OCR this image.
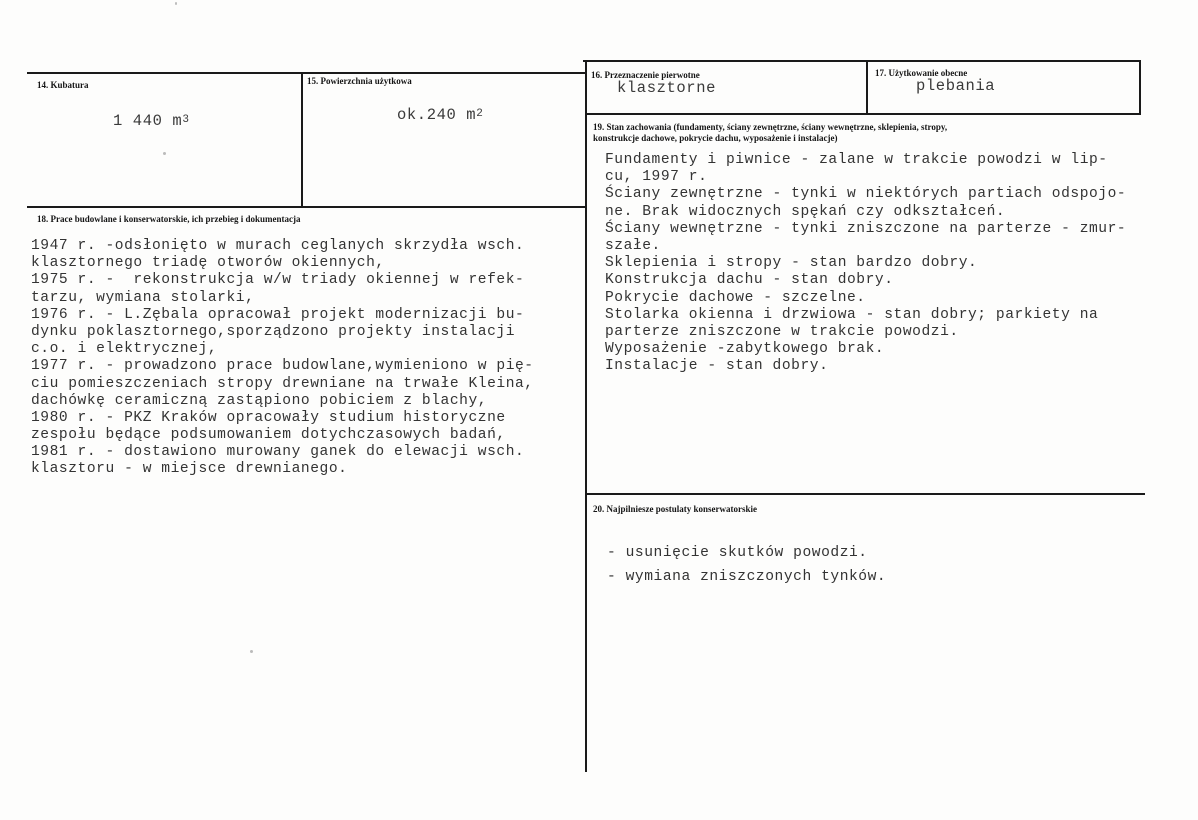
14. Kubatura
1 440 $m^3$
15. Powierzchnia użytkowa
ok.240 $m^2$
16. Przeznaczenie pierwotne
klasztorne
17. Użytkowanie obecne
plebania
19. Stan zachowania (fundamenty, ściany zewnętrzne, ściany wewnętrzne, sklepienia, stropy,
konstrukcje dachowe, pokrycie dachu, wyposażenie i instalacje)
Fundamenty i piwnice - zalane w trakcie powodzi w lip-
cu, 1997 r.
Ściany zewnętrzne - tynki w niektórych partiach odspojo-
ne. Brak widocznych spękań czy odkształceń.
Ściany wewnętrzne - tynki zniszczone na parterze - zmur-
szałe.
Sklepienia i stropy - stan bardzo dobry.
Konstrukcja dachu - stan dobry.
Pokrycie dachowe - szczelne.
Stolarka okienna i drzwiowa - stan dobry; parkiety na
parterze zniszczone w trakcie powodzi.
Wyposażenie -zabytkowego brak.
Instalacje - stan dobry.
18. Prace budowlane i konserwatorskie, ich przebieg i dokumentacja
1947 r. -odsłonięto w murach ceglanych skrzydła wsch.
klasztornego triadę otworów okiennych,
1975 r. -  rekonstrukcja w/w triady okiennej w refek-
tarzu, wymiana stolarki,
1976 r. - L.Zębala opracował projekt modernizacji bu-
dynku poklasztornego,sporządzono projekty instalacji
c.o. i elektrycznej,
1977 r. - prowadzono prace budowlane,wymieniono w pię-
ciu pomieszczeniach stropy drewniane na trwałe Kleina,
dachówkę ceramiczną zastąpiono pobiciem z blachy,
1980 r. - PKZ Kraków opracowały studium historyczne
zespołu będące podsumowaniem dotychczasowych badań,
1981 r. - dostawiono murowany ganek do elewacji wsch.
klasztoru - w miejsce drewnianego.
20. Najpilniesze postulaty konserwatorskie
- usunięcie skutków powodzi.
- wymiana zniszczonych tynków.
